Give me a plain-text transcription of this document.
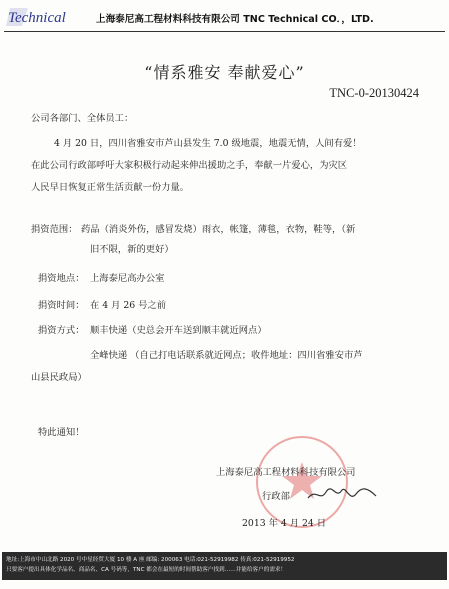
Technical	上海泰尼高工程材料科技有限公司 TNC Technical CO．，LTD.
“情系雅安 奉献爱心”
TNC-0-20130424
公司各部门、全体员工：
4 月 20 日，四川省雅安市芦山县发生 7.0 级地震，地震无情，人间有爱！
在此公司行政部呼吁大家积极行动起来伸出援助之手，奉献一片爱心，为灾区
人民早日恢复正常生活贡献一份力量。
捐资范围： 药品（消炎外伤，感冒发烧）雨衣，帐篷，薄毯，衣物，鞋等，（新
旧不限，新的更好）
捐资地点： 上海泰尼高办公室
捐资时间： 在 4 月 26 号之前
捐资方式： 顺丰快递（史总会开车送到顺丰就近网点）
全峰快递 （自己打电话联系就近网点；收件地址：四川省雅安市芦
山县民政局）
特此通知！
上海泰尼高工程材料科技有限公司
行政部
2013 年 4 月 24 日
地址:上海市中山北路 2020 号中星经贸大厦 10 楼 A 座 邮编: 200063 电话:021-52919982 传真:021-52919952
只要客户提出具体化学品名、商品名、CA 号码等，TNC 都会在最短的时间帮助客户找到……并能给客户的需求！
